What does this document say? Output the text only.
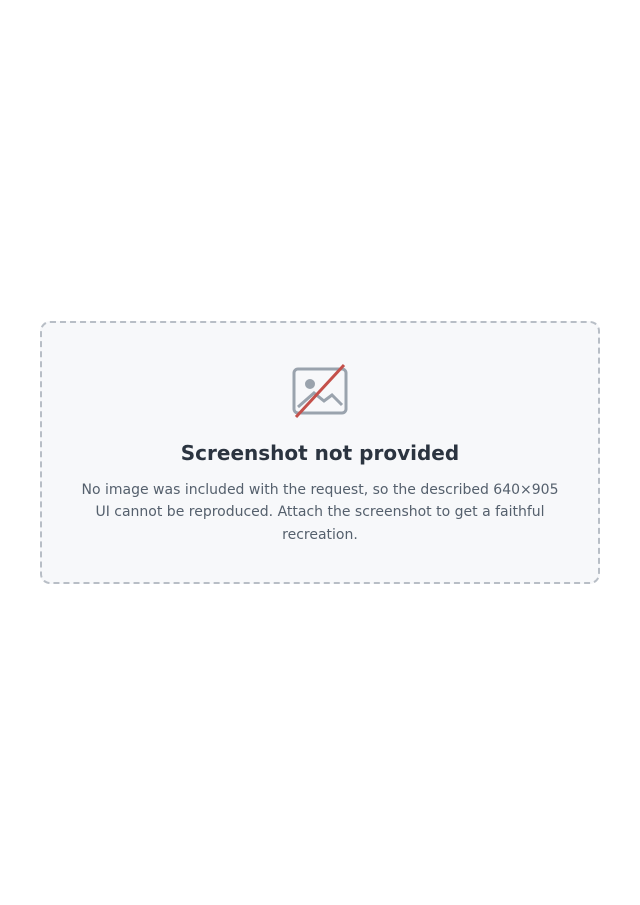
Screenshot not provided

No image was included with the request, so the described 640×905 UI cannot be reproduced. Attach the screenshot to get a faithful recreation.
